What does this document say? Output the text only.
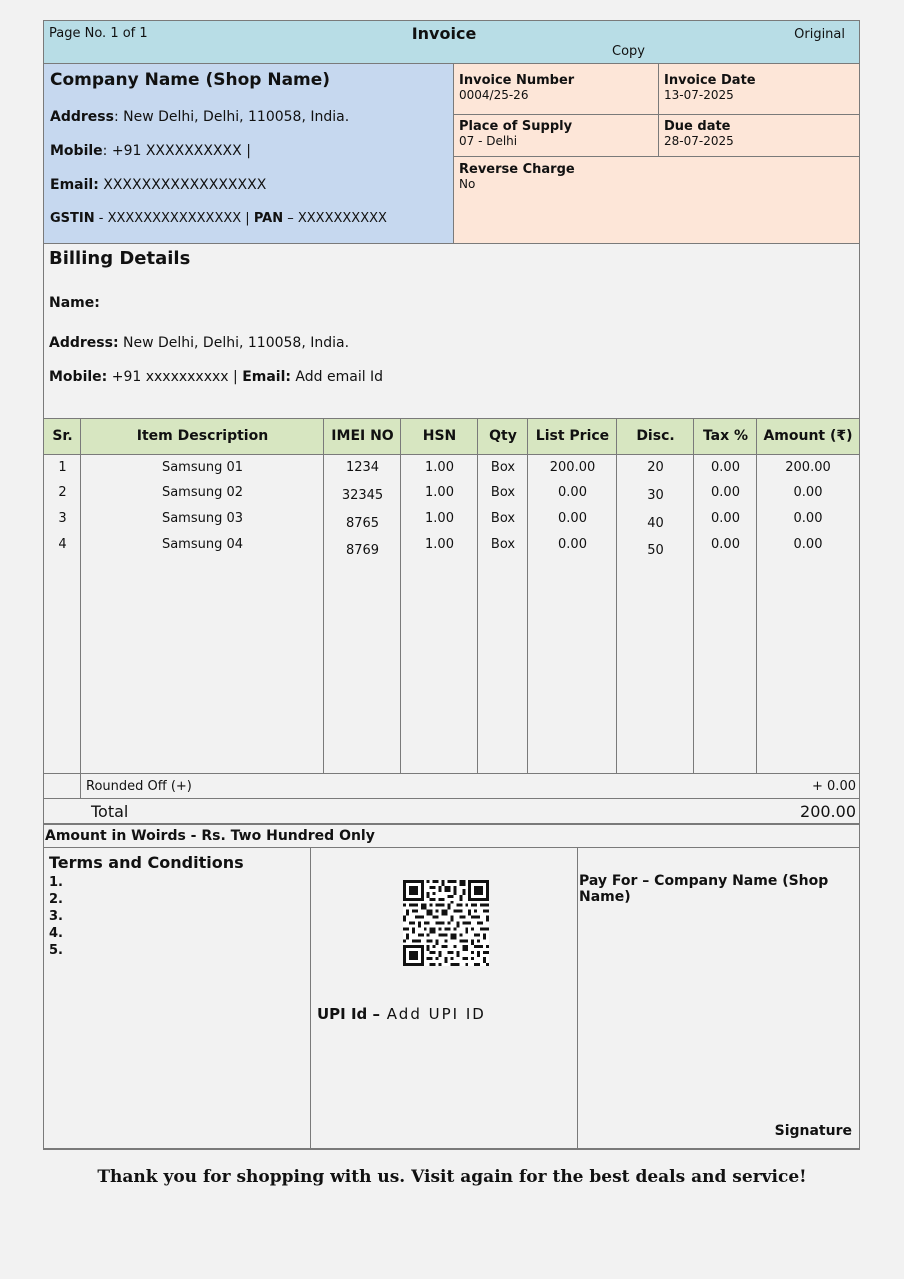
Page No. 1 of 1	Invoice	Original
Copy
Company Name (Shop Name)
Address: New Delhi, Delhi, 110058, India.
Mobile: +91 XXXXXXXXXX |
Email: XXXXXXXXXXXXXXXXX
GSTIN - XXXXXXXXXXXXXXX | PAN – XXXXXXXXXX
Invoice Number
0004/25-26
Invoice Date
13-07-2025
Place of Supply
07 - Delhi
Due date
28-07-2025
Reverse Charge
No
Billing Details
Name:
Address: New Delhi, Delhi, 110058, India.
Mobile: +91 xxxxxxxxxx | Email: Add email Id
Sr.	Item Description	IMEI NO	HSN	Qty	List Price	Disc.	Tax %	Amount (₹)
1	Samsung 01	1234	1.00	Box	200.00	20	0.00	200.00
2	Samsung 02	32345	1.00	Box	0.00	30	0.00	0.00
3	Samsung 03	8765	1.00	Box	0.00	40	0.00	0.00
4	Samsung 04	8769	1.00	Box	0.00	50	0.00	0.00
Rounded Off (+)	+ 0.00
Total	200.00
Amount in Woirds - Rs. Two Hundred Only
Terms and Conditions
1.
2.
3.
4.
5.
UPI Id – Add UPI ID
Pay For – Company Name (Shop Name)
Signature
Thank you for shopping with us. Visit again for the best deals and service!
